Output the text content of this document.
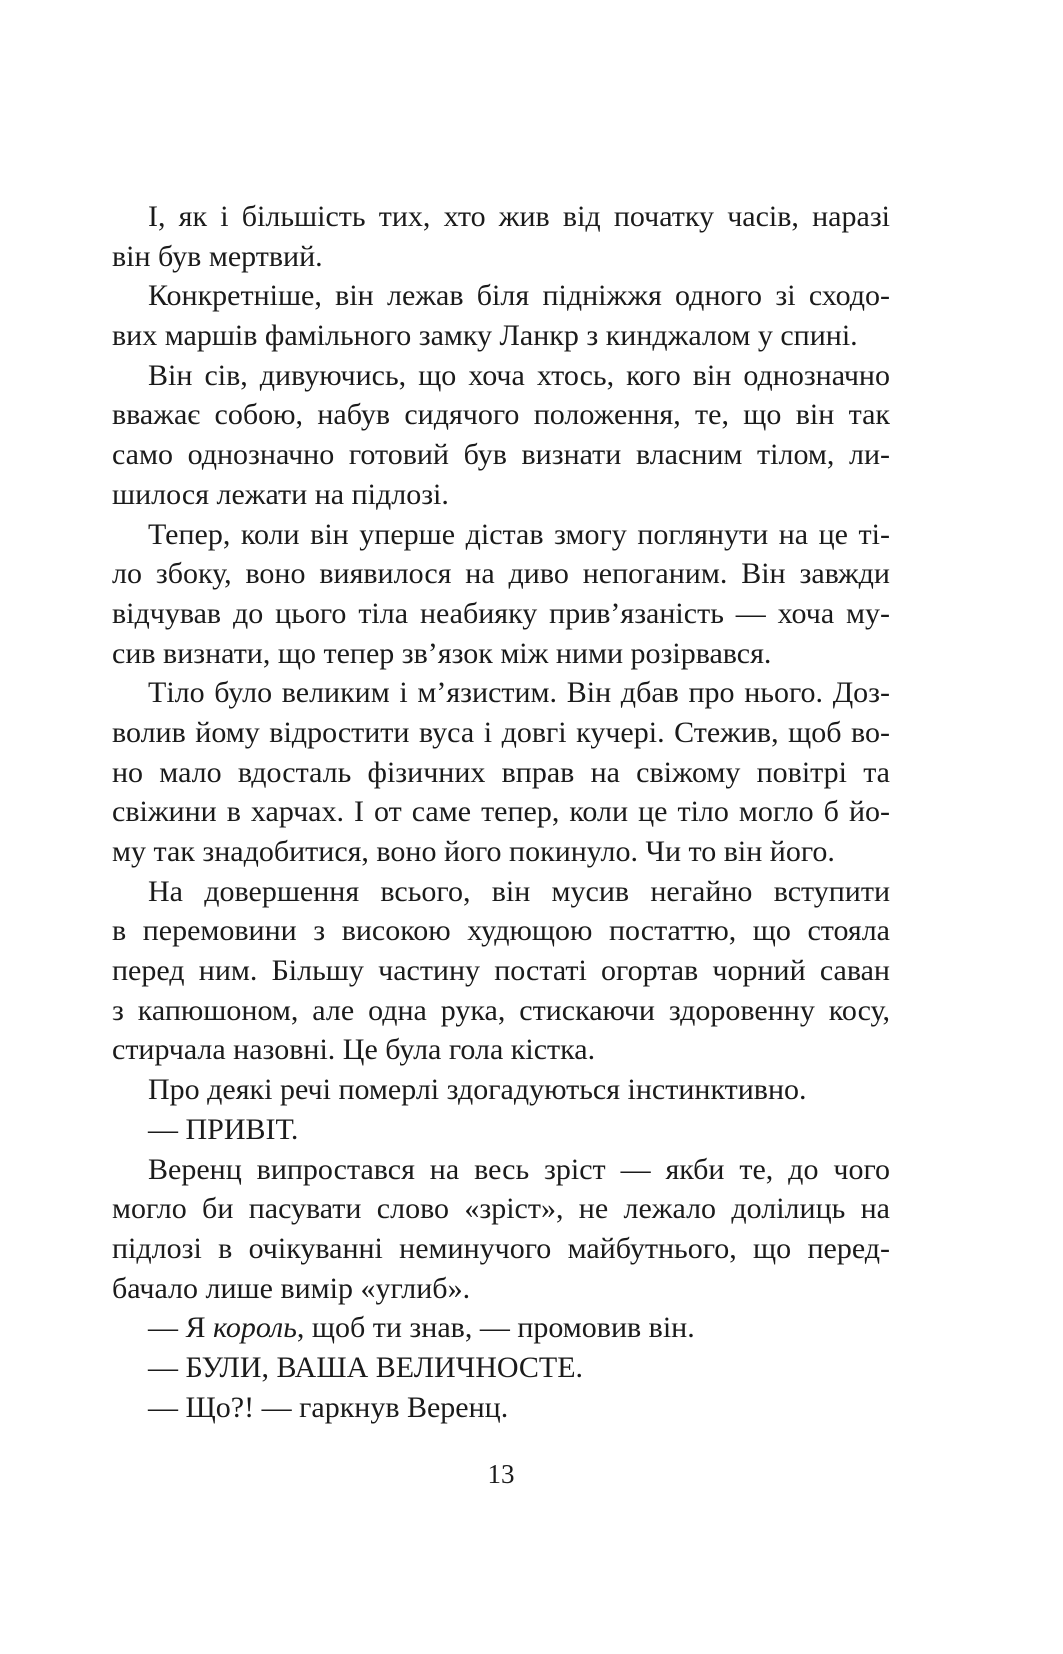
І, як і більшість тих, хто жив від початку часів, наразі
він був мертвий.
Конкретніше, він лежав біля підніжжя одного зі сходо-
вих маршів фамільного замку Ланкр з кинджалом у спині.
Він сів, дивуючись, що хоча хтось, кого він однозначно
вважає собою, набув сидячого положення, те, що він так
само однозначно готовий був визнати власним тілом, ли-
шилося лежати на підлозі.
Тепер, коли він уперше дістав змогу поглянути на це ті-
ло збоку, воно виявилося на диво непоганим. Він завжди
відчував до цього тіла неабияку прив’язаність — хоча му-
сив визнати, що тепер зв’язок між ними розірвався.
Тіло було великим і м’язистим. Він дбав про нього. Доз-
волив йому відростити вуса і довгі кучері. Стежив, щоб во-
но мало вдосталь фізичних вправ на свіжому повітрі та
свіжини в харчах. І от саме тепер, коли це тіло могло б йо-
му так знадобитися, воно його покинуло. Чи то він його.
На довершення всього, він мусив негайно вступити
в перемовини з високою худющою постаттю, що стояла
перед ним. Більшу частину постаті огортав чорний саван
з капюшоном, але одна рука, стискаючи здоровенну косу,
стирчала назовні. Це була гола кістка.
Про деякі речі померлі здогадуються інстинктивно.
— ПРИВІТ.
Веренц випростався на весь зріст — якби те, до чого
могло би пасувати слово «зріст», не лежало долілиць на
підлозі в очікуванні неминучого майбутнього, що перед-
бачало лише вимір «углиб».
— Я король, щоб ти знав, — промовив він.
— БУЛИ, ВАША ВЕЛИЧНОСТЕ.
— Що?! — гаркнув Веренц.
13
